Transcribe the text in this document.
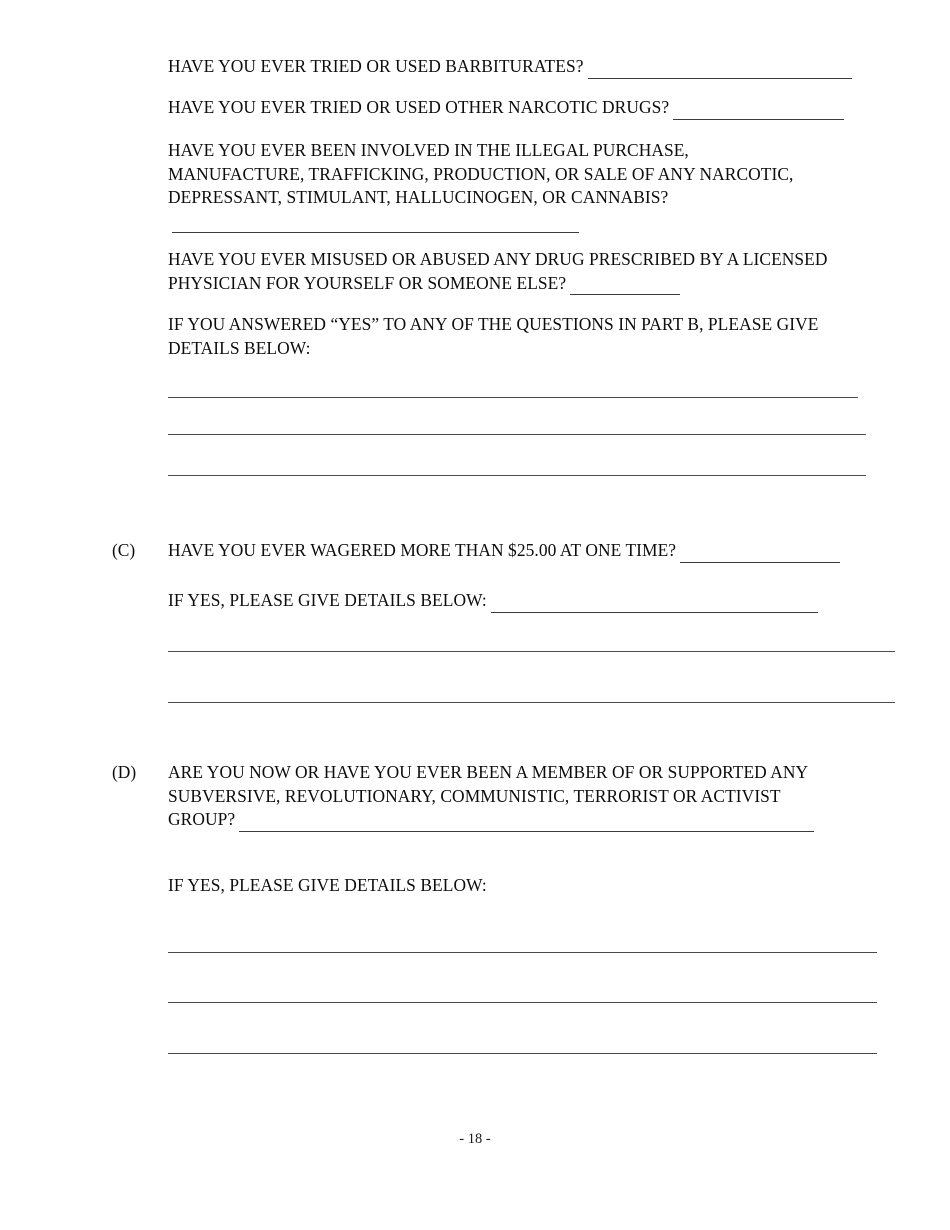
HAVE YOU EVER TRIED OR USED BARBITURATES?
HAVE YOU EVER TRIED OR USED OTHER NARCOTIC DRUGS?
HAVE YOU EVER BEEN INVOLVED IN THE ILLEGAL PURCHASE, MANUFACTURE, TRAFFICKING, PRODUCTION, OR SALE OF ANY NARCOTIC, DEPRESSANT, STIMULANT, HALLUCINOGEN, OR CANNABIS?
HAVE YOU EVER MISUSED OR ABUSED ANY DRUG PRESCRIBED BY A LICENSED PHYSICIAN FOR YOURSELF OR SOMEONE ELSE?
IF YOU ANSWERED “YES” TO ANY OF THE QUESTIONS IN PART B, PLEASE GIVE DETAILS BELOW:
(C) HAVE YOU EVER WAGERED MORE THAN $25.00 AT ONE TIME?
IF YES, PLEASE GIVE DETAILS BELOW:
(D) ARE YOU NOW OR HAVE YOU EVER BEEN A MEMBER OF OR SUPPORTED ANY SUBVERSIVE, REVOLUTIONARY, COMMUNISTIC, TERRORIST OR ACTIVIST GROUP?
IF YES, PLEASE GIVE DETAILS BELOW:
- 18 -
